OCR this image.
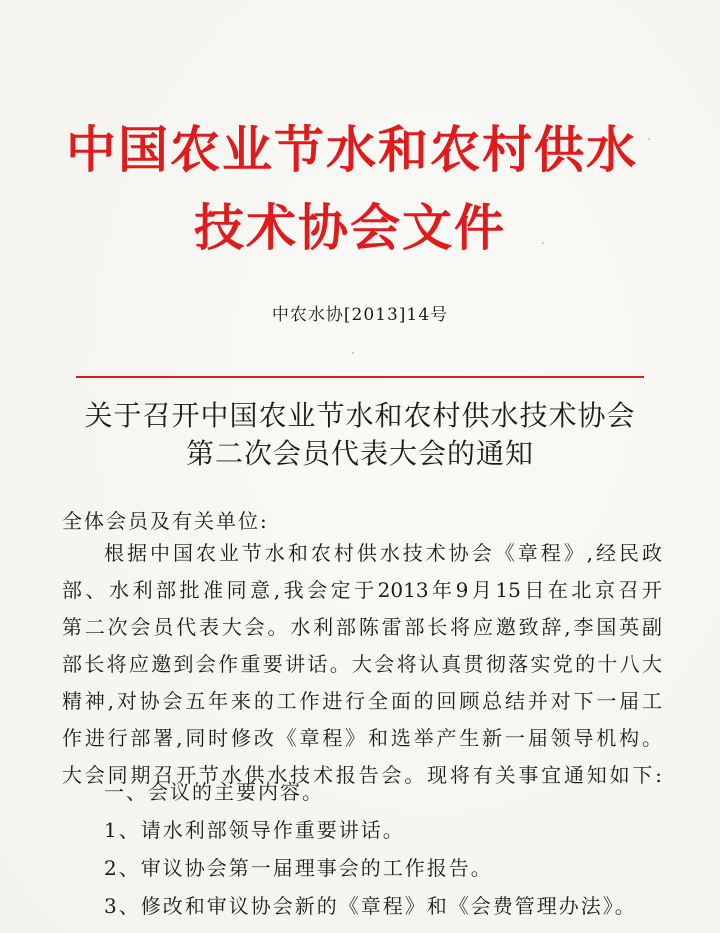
中国农业节水和农村供水
技术协会文件
中农水协[2013]14号
关于召开中国农业节水和农村供水技术协会
第二次会员代表大会的通知
全体会员及有关单位:
根据中国农业节水和农村供水技术协会《章程》,经民政
部、水利部批准同意,我会定于2013年9月15日在北京召开
第二次会员代表大会。水利部陈雷部长将应邀致辞,李国英副
部长将应邀到会作重要讲话。大会将认真贯彻落实党的十八大
精神,对协会五年来的工作进行全面的回顾总结并对下一届工
作进行部署,同时修改《章程》和选举产生新一届领导机构。
大会同期召开节水供水技术报告会。现将有关事宜通知如下:
一、会议的主要内容。
1、请水利部领导作重要讲话。
2、审议协会第一届理事会的工作报告。
3、修改和审议协会新的《章程》和《会费管理办法》。
